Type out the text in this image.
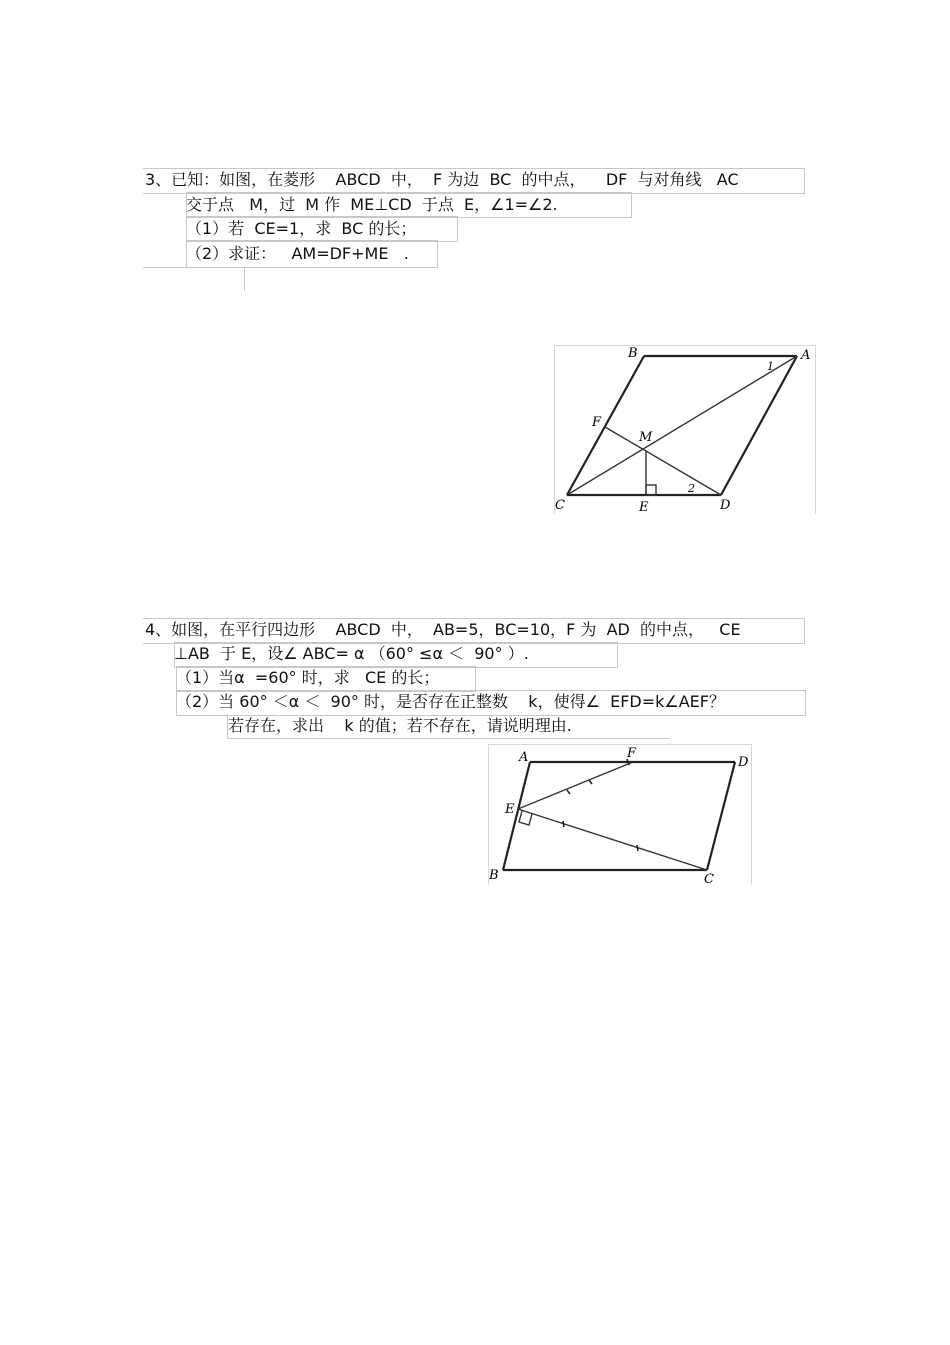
3、已知：如图，在菱形    ABCD  中，  F 为边  BC  的中点，    DF  与对角线   AC
交于点   M，过  M 作  ME⊥CD  于点  E，∠1=∠2.
（1）若  CE=1，求  BC 的长；
（2）求证：   AM=DF+ME   .
B	A
1
F
M
2
C	E	D
4、如图，在平行四边形    ABCD  中，  AB=5，BC=10，F 为  AD  的中点，   CE
⊥AB  于 E，设∠ ABC= α （60° ≤α ＜  90° ）.
（1）当α  =60° 时，求   CE 的长；
（2）当 60° ＜α ＜  90° 时，是否存在正整数    k，使得∠  EFD=k∠AEF？
若存在，求出    k 的值；若不存在，请说明理由.
A	F
D
E
B	C
